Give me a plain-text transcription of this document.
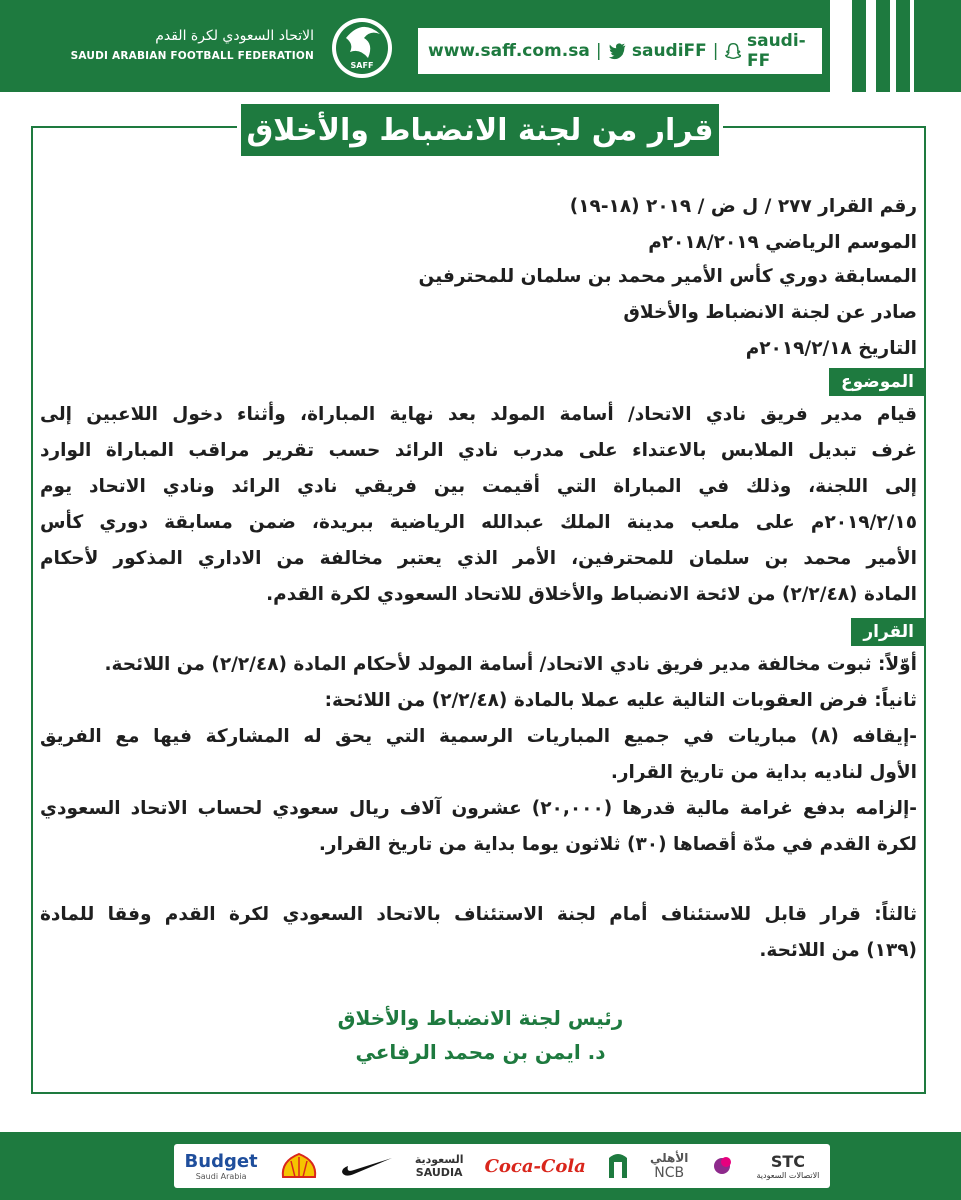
الاتحاد السعودي لكرة القدم
SAUDI ARABIAN FOOTBALL FEDERATION
SAFF
www.saff.com.sa | saudiFF | saudi-FF
قرار من لجنة الانضباط والأخلاق
رقم القرار ٢٧٧ / ل ض / ٢٠١٩ (١٨-١٩)
الموسم الرياضي ٢٠١٨/٢٠١٩م
المسابقة دوري كأس الأمير محمد بن سلمان للمحترفين
صادر عن لجنة الانضباط والأخلاق
التاريخ ٢٠١٩/٢/١٨م
الموضوع
قيام مدير فريق نادي الاتحاد/ أسامة المولد بعد نهاية المباراة، وأثناء دخول اللاعبين إلى
غرف تبديل الملابس بالاعتداء على مدرب نادي الرائد حسب تقرير مراقب المباراة الوارد
إلى اللجنة، وذلك في المباراة التي أقيمت بين فريقي نادي الرائد ونادي الاتحاد يوم
٢٠١٩/٢/١٥م على ملعب مدينة الملك عبدالله الرياضية ببريدة، ضمن مسابقة دوري كأس
الأمير محمد بن سلمان للمحترفين، الأمر الذي يعتبر مخالفة من الاداري المذكور لأحكام
المادة (٢/٢/٤٨) من لائحة الانضباط والأخلاق للاتحاد السعودي لكرة القدم.
القرار
أوّلاً: ثبوت مخالفة مدير فريق نادي الاتحاد/ أسامة المولد لأحكام المادة (٢/٢/٤٨) من اللائحة.
ثانياً: فرض العقوبات التالية عليه عملا بالمادة (٢/٢/٤٨) من اللائحة:
-إيقافه (٨) مباريات في جميع المباريات الرسمية التي يحق له المشاركة فيها مع الفريق
الأول لناديه بداية من تاريخ القرار.
-إلزامه بدفع غرامة مالية قدرها (٢٠,٠٠٠) عشرون آلاف ريال سعودي لحساب الاتحاد السعودي
لكرة القدم في مدّة أقصاها (٣٠) ثلاثون يوما بداية من تاريخ القرار.
ثالثاً: قرار قابل للاستئناف أمام لجنة الاستئناف بالاتحاد السعودي لكرة القدم وفقا للمادة
(١٣٩) من اللائحة.
رئيس لجنة الانضباط والأخلاق
د. ايمن بن محمد الرفاعي
Budget
Saudi Arabia
السعودية
SAUDIA Coca-Cola	الأهلي
NCB
STC
الاتصالات السعودية
